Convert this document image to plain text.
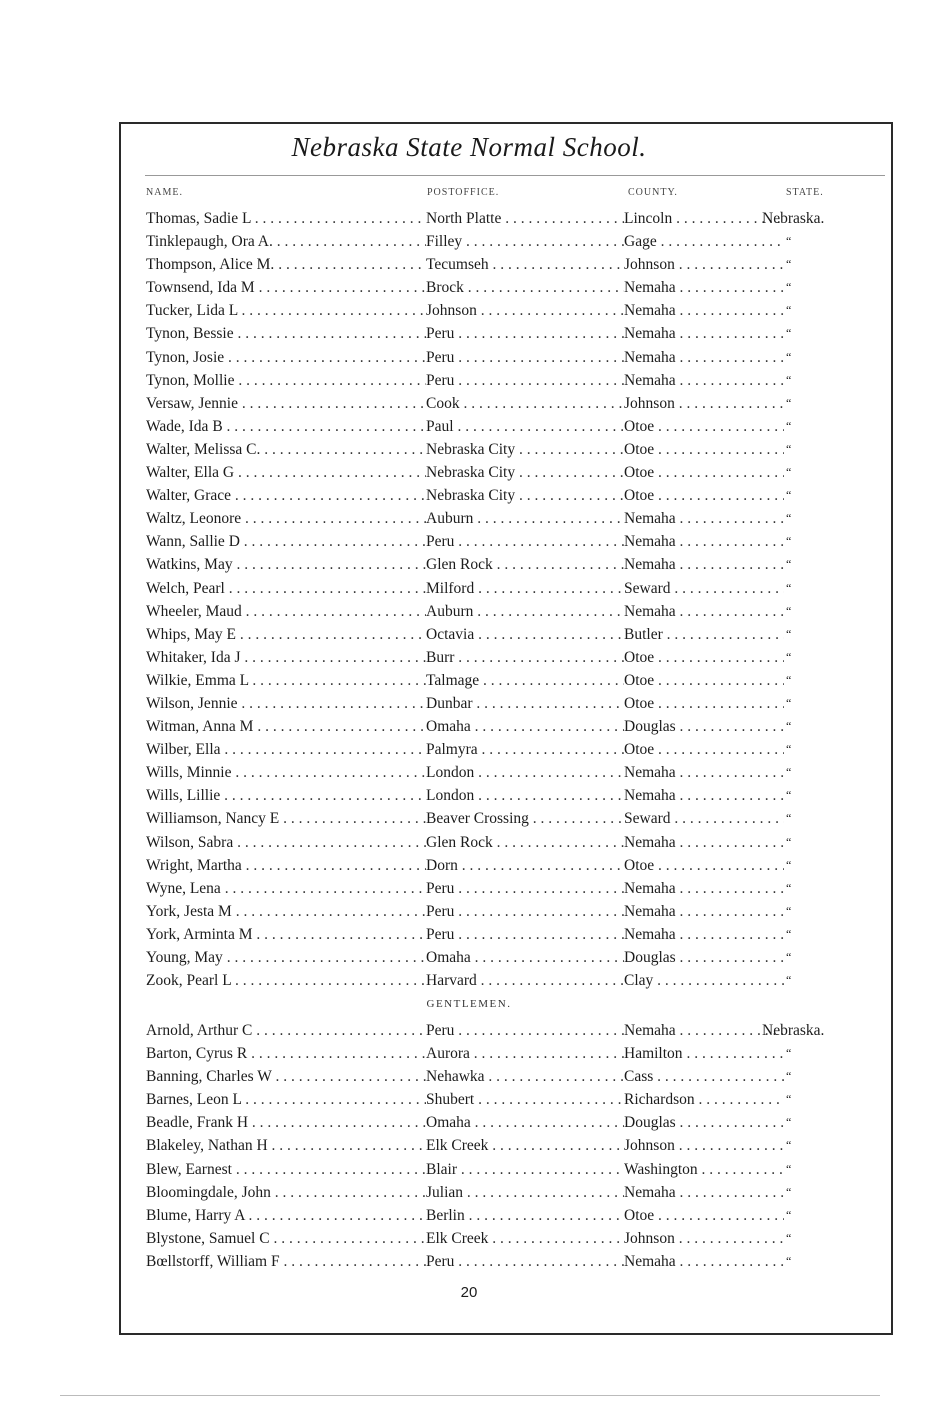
Nebraska State Normal School.
NAME.	POSTOFFICE.	COUNTY.	STATE.
Thomas, Sadie L . . .	North Platte . . .	Lincoln . . .	Nebraska.
Tinklepaugh, Ora A. . . .	Filley . . .	Gage . . .	“
Thompson, Alice M. . . .	Tecumseh . . .	Johnson . . .	“
Townsend, Ida M . . .	Brock . . .	Nemaha . . .	“
Tucker, Lida L . . .	Johnson . . .	Nemaha . . .	“
Tynon, Bessie . . .	Peru . . .	Nemaha . . .	“
Tynon, Josie . . .	Peru . . .	Nemaha . . .	“
Tynon, Mollie . . .	Peru . . .	Nemaha . . .	“
Versaw, Jennie . . .	Cook . . .	Johnson . . .	“
Wade, Ida B . . .	Paul . . .	Otoe . . .	“
Walter, Melissa C. . . .	Nebraska City . . .	Otoe . . .	“
Walter, Ella G . . .	Nebraska City . . .	Otoe . . .	“
Walter, Grace . . .	Nebraska City . . .	Otoe . . .	“
Waltz, Leonore . . .	Auburn . . .	Nemaha . . .	“
Wann, Sallie D . . .	Peru . . .	Nemaha . . .	“
Watkins, May . . .	Glen Rock . . .	Nemaha . . .	“
Welch, Pearl . . .	Milford . . .	Seward . . .	“
Wheeler, Maud . . .	Auburn . . .	Nemaha . . .	“
Whips, May E . . .	Octavia . . .	Butler . . .	“
Whitaker, Ida J . . .	Burr . . .	Otoe . . .	“
Wilkie, Emma L . . .	Talmage . . .	Otoe . . .	“
Wilson, Jennie . . .	Dunbar . . .	Otoe . . .	“
Witman, Anna M . . .	Omaha . . .	Douglas . . .	“
Wilber, Ella . . .	Palmyra . . .	Otoe . . .	“
Wills, Minnie . . .	London . . .	Nemaha . . .	“
Wills, Lillie . . .	London . . .	Nemaha . . .	“
Williamson, Nancy E . . .	Beaver Crossing . . .	Seward . . .	“
Wilson, Sabra . . .	Glen Rock . . .	Nemaha . . .	“
Wright, Martha . . .	Dorn . . .	Otoe . . .	“
Wyne, Lena . . .	Peru . . .	Nemaha . . .	“
York, Jesta M . . .	Peru . . .	Nemaha . . .	“
York, Arminta M . . .	Peru . . .	Nemaha . . .	“
Young, May . . .	Omaha . . .	Douglas . . .	“
Zook, Pearl L . . .	Harvard . . .	Clay . . .	“
GENTLEMEN.
Arnold, Arthur C . . .	Peru . . .	Nemaha . . .	Nebraska.
Barton, Cyrus R . . .	Aurora . . .	Hamilton . . .	“
Banning, Charles W . . .	Nehawka . . .	Cass . . .	“
Barnes, Leon L . . .	Shubert . . .	Richardson . . .	“
Beadle, Frank H . . .	Omaha . . .	Douglas . . .	“
Blakeley, Nathan H . . .	Elk Creek . . .	Johnson . . .	“
Blew, Earnest . . .	Blair . . .	Washington . . .	“
Bloomingdale, John . . .	Julian . . .	Nemaha . . .	“
Blume, Harry A . . .	Berlin . . .	Otoe . . .	“
Blystone, Samuel C . . .	Elk Creek . . .	Johnson . . .	“
Bœllstorff, William F . . .	Peru . . .	Nemaha . . .	“
20
